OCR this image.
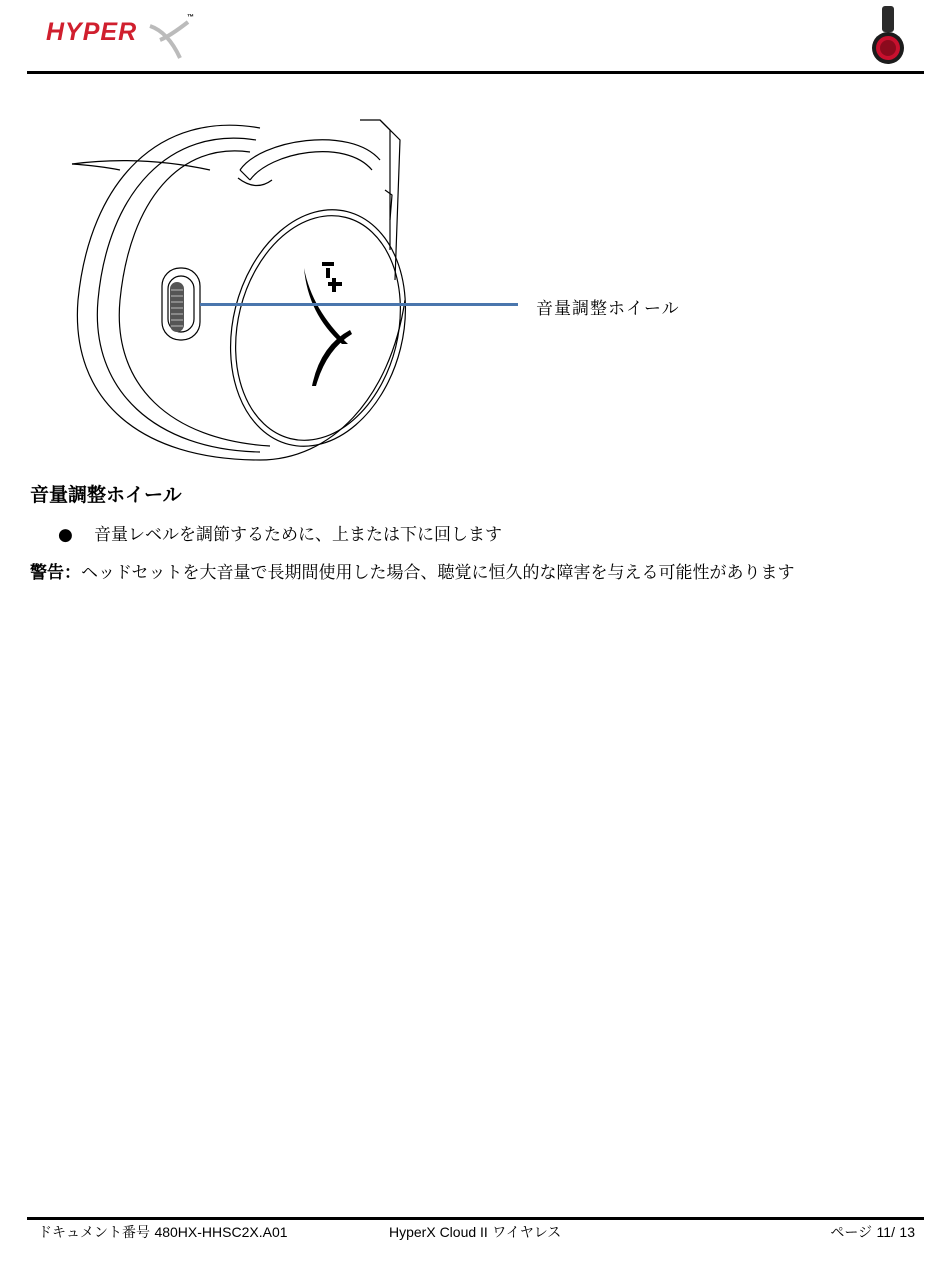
HYPER
™
音量調整ホイール
音量調整ホイール
● 音量レベルを調節するために、上または下に回します
警告：ヘッドセットを大音量で長期間使用した場合、聴覚に恒久的な障害を与える可能性があります
ドキュメント番号 480HX-HHSC2X.A01	HyperX Cloud II ワイヤレス	ページ 11/ 13
